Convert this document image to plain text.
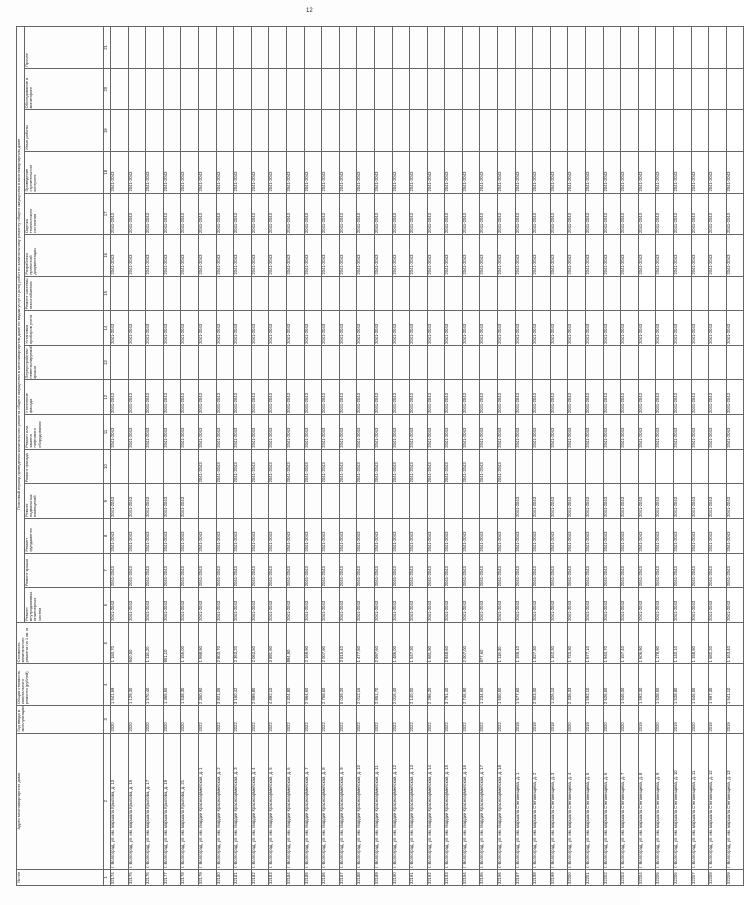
12
№ п/п	Адрес многоквартирного дома	Год ввода в эксплуатацию	Общая стоимость капитального ремонта (рублей)	Стоимость капитального ремонта на 1 кв. м	Плановый период проведения капитального ремонта общего имущества в многоквартирном доме по видам услуг и (или) работ по капитальному ремонту общего имущества в многоквартирном доме															
					Ремонт внутридомовых инженерных систем	Ремонт крыши	Ремонт фундамента	Ремонт подвальных помещений	Ремонт фасада	Ремонт или замена лифтового оборудования	Утепление фасада	Переустройство невентилируемой крыши	Установка приборов учета	Ремонт системы газоснабжения	Разработка проектной документации	Оценка технического состояния	Проведение строительного контроля	Иные работы	Обследование и мониторинг	Прочее
1	2	3	4	5	6	7	8	9	10	11	12	13	14	15	16	17	18	19	20	21
32174	г. Волгоград, ул. им. маршала Крылова, д. 13	2020	1 541,69	1 150,70	2041-2043	2041-2043	2041-2043	2041-2043		2041-2043	2041-2043		2041-2043		2041-2043	2041-2043	2041-2043			
32175	г. Волгоград, ул. им. маршала Крылова, д. 15	2020	1 129,30	840,50	2041-2043	2041-2043	2041-2043	2041-2043		2041-2043	2041-2043		2041-2043		2041-2043	2041-2043	2041-2043			
32176	г. Волгоград, ул. им. маршала Крылова, д. 17	2020	1 570,40	1 116,20	2041-2043	2041-2043	2041-2043	2041-2043		2041-2043	2041-2043		2041-2043		2041-2043	2041-2043	2041-2043			
32177	г. Волгоград, ул. им. маршала Крылова, д. 19	2020	1 365,50	951,10	2041-2043	2041-2043	2041-2043	2041-2043		2041-2043	2041-2043		2041-2043		2041-2043	2041-2043	2041-2043			
32178	г. Волгоград, ул. им. маршала Крылова, д. 21	2020	1 538,30	1 155,00	2041-2043	2041-2043	2041-2043	2041-2043		2041-2043	2041-2043		2041-2043		2041-2043	2041-2043	2041-2043			
32179	г. Волгоград, ул. им. гвардии Красноармейская, д. 1	2022	2 350,90	1 998,90	2041-2043	2041-2043	2041-2043		2041-2043	2041-2043	2041-2043		2041-2043		2041-2043	2041-2043	2041-2043			
32180	г. Волгоград, ул. им. гвардии Красноармейская, д. 2	2022	3 821,05	2 803,70	2041-2043	2041-2043	2041-2043		2041-2043	2041-2043	2041-2043		2041-2043		2041-2043	2041-2043	2041-2043			
32181	г. Волгоград, ул. им. гвардии Красноармейская, д. 3	2022	3 160,42	2 363,20	2041-2043	2041-2043	2041-2043		2041-2043	2041-2043	2041-2043		2041-2043		2041-2043	2041-2043	2041-2043			
32182	г. Волгоград, ул. им. гвардии Красноармейская, д. 4	2022	2 899,80	2 062,50	2041-2043	2041-2043	2041-2043		2041-2043	2041-2043	2041-2043		2041-2043		2041-2043	2041-2043	2041-2043			
32183	г. Волгоград, ул. им. гвардии Красноармейская, д. 5	2022	4 892,10	3 891,90	2041-2043	2041-2043	2041-2043		2041-2043	2041-2043	2041-2043		2041-2043		2041-2043	2041-2043	2041-2043			
32184	г. Волгоград, ул. им. гвардии Красноармейская, д. 6	2022	1 324,80	894,90	2041-2043	2041-2043	2041-2043		2041-2043	2041-2043	2041-2043		2041-2043		2041-2043	2041-2043	2041-2043			
32185	г. Волгоград, ул. им. гвардии Красноармейская, д. 7	2022	2 964,60	2 169,90	2041-2043	2041-2043	2041-2043		2041-2043	2041-2043	2041-2043		2041-2043		2041-2043	2041-2043	2041-2043			
32186	г. Волгоград, ул. им. гвардии Красноармейская, д. 8	2022	2 758,60	2 007,90	2041-2043	2041-2043	2041-2043		2041-2043	2041-2043	2041-2043		2041-2043		2041-2043	2041-2043	2041-2043			
32187	г. Волгоград, ул. им. гвардии Красноармейская, д. 9	2022	5 039,20	3 815,40	2041-2043	2041-2043	2041-2043		2041-2043	2041-2043	2041-2043		2041-2043		2041-2043	2041-2043	2041-2043			
32188	г. Волгоград, ул. им. гвардии Красноармейская, д. 10	2022	2 012,16	1 477,50	2041-2043	2041-2043	2041-2043		2041-2043	2041-2043	2041-2043		2041-2043		2041-2043	2041-2043	2041-2043			
32189	г. Волгоград, ул. им. гвардии Красноармейская, д. 11	2022	2 851,70	2 097,60	2041-2043	2041-2043	2041-2043		2041-2043	2041-2043	2041-2043		2041-2043		2041-2043	2041-2043	2041-2043			
32190	г. Волгоград, ул. им. гвардии Красноармейская, д. 12	2022	2 016,40	1 486,00	2041-2043	2041-2043	2041-2043		2041-2043	2041-2043	2041-2043		2041-2043		2041-2043	2041-2043	2041-2043			
32191	г. Волгоград, ул. им. гвардии Красноармейская, д. 13	2022	2 140,00	1 547,30	2041-2043	2041-2043	2041-2043		2041-2043	2041-2043	2041-2043		2041-2043		2041-2043	2041-2043	2041-2043			
32192	г. Волгоград, ул. им. гвардии Красноармейская, д. 14	2022	2 296,20	1 681,90	2041-2043	2041-2043	2041-2043		2041-2043	2041-2043	2041-2043		2041-2043		2041-2043	2041-2043	2041-2043			
32193	г. Волгоград, ул. им. гвардии Красноармейская, д. 15	2022	3 791,40	2 848,60	2041-2043	2041-2043	2041-2043		2041-2043	2041-2043	2041-2043		2041-2043		2041-2043	2041-2043	2041-2043			
32194	г. Волгоград, ул. им. гвардии Красноармейская, д. 16	2022	2 746,90	2 007,00	2041-2043	2041-2043	2041-2043		2041-2043	2041-2043	2041-2043		2041-2043		2041-2043	2041-2043	2041-2043			
32195	г. Волгоград, ул. им. гвардии Красноармейская, д. 17	2022	1 234,60	877,60	2041-2043	2041-2043	2041-2043		2041-2043	2041-2043	2041-2043		2041-2043		2041-2043	2041-2043	2041-2043			
32196	г. Волгоград, ул. им. гвардии Красноармейская, д. 18	2022	1 600,50	1 118,30	2041-2043	2041-2043	2041-2043		2041-2043	2041-2043	2041-2043		2041-2043		2041-2043	2041-2043	2041-2043			
32197	г. Волгоград, ул. им. маршала Степанищева, д. 1	2019	1 577,60	1 159,10	2041-2043	2041-2043	2041-2043	2041-2043		2041-2043	2041-2043		2041-2043		2041-2043	2041-2043	2041-2043			
32198	г. Волгоград, ул. им. маршала Степанищева, д. 2	2019	2 903,00	1 827,30	2041-2043	2041-2043	2041-2043	2041-2043		2041-2043	2041-2043		2041-2043		2041-2043	2041-2043	2041-2043			
32199	г. Волгоград, ул. им. маршала Степанищева, д. 3	2018	1 326,10	1 162,30	2041-2043	2041-2043	2041-2043	2041-2043		2041-2043	2041-2043		2041-2043		2041-2043	2041-2043	2041-2043			
32200	г. Волгоград, ул. им. маршала Степанищева, д. 4	2020	2 336,33	1 723,30	2041-2043	2041-2043	2041-2043	2041-2043		2041-2043	2041-2043		2041-2043		2041-2043	2041-2043	2041-2043			
32201	г. Волгоград, ул. им. маршала Степанищева, д. 5	2019	1 592,10	1 677,10	2041-2043	2041-2043	2041-2043	2041-2043		2041-2043	2041-2043		2041-2043		2041-2043	2041-2043	2041-2043			
32202	г. Волгоград, ул. им. маршала Степанищева, д. 6	2020	2 626,50	1 940,70	2041-2043	2041-2043	2041-2043	2041-2043		2041-2043	2041-2043		2041-2043		2041-2043	2041-2043	2041-2043			
32203	г. Волгоград, ул. им. маршала Степанищева, д. 7	2020	1 546,00	1 157,40	2041-2043	2041-2043	2041-2043	2041-2043		2041-2043	2041-2043		2041-2043		2041-2043	2041-2043	2041-2043			
32204	г. Волгоград, ул. им. маршала Степанищева, д. 8	2019	1 592,30	1 606,90	2041-2043	2041-2043	2041-2043	2041-2043		2041-2043	2041-2043		2041-2043		2041-2043	2041-2043	2041-2043			
32205	г. Волгоград, ул. им. маршала Степанищева, д. 9	2020	1 528,50	1 178,90	2041-2043	2041-2043	2041-2043	2041-2043		2041-2043	2041-2043		2041-2043		2041-2043	2041-2043	2041-2043			
32206	г. Волгоград, ул. им. маршала Степанищева, д. 10	2019	1 528,80	1 140,10	2041-2043	2041-2043	2041-2043	2041-2043		2041-2043	2041-2043		2041-2043		2041-2043	2041-2043	2041-2043			
32207	г. Волгоград, ул. им. маршала Степанищева, д. 11	2020	1 546,50	1 158,90	2041-2043	2041-2043	2041-2043	2041-2043		2041-2043	2041-2043		2041-2043		2041-2043	2041-2043	2041-2043			
32208	г. Волгоград, ул. им. маршала Степанищева, д. 12	2019	1 997,30	1 682,20	2041-2043	2041-2043	2041-2043	2041-2043		2041-2043	2041-2043		2041-2043		2041-2043	2041-2043	2041-2043			
32209	г. Волгоград, ул. им. маршала Степанищева, д. 13	2019	1 541,10	1 163,40	2041-2043	2041-2043	2041-2043	2041-2043		2041-2043	2041-2043		2041-2043		2041-2043	2041-2043	2041-2043			
